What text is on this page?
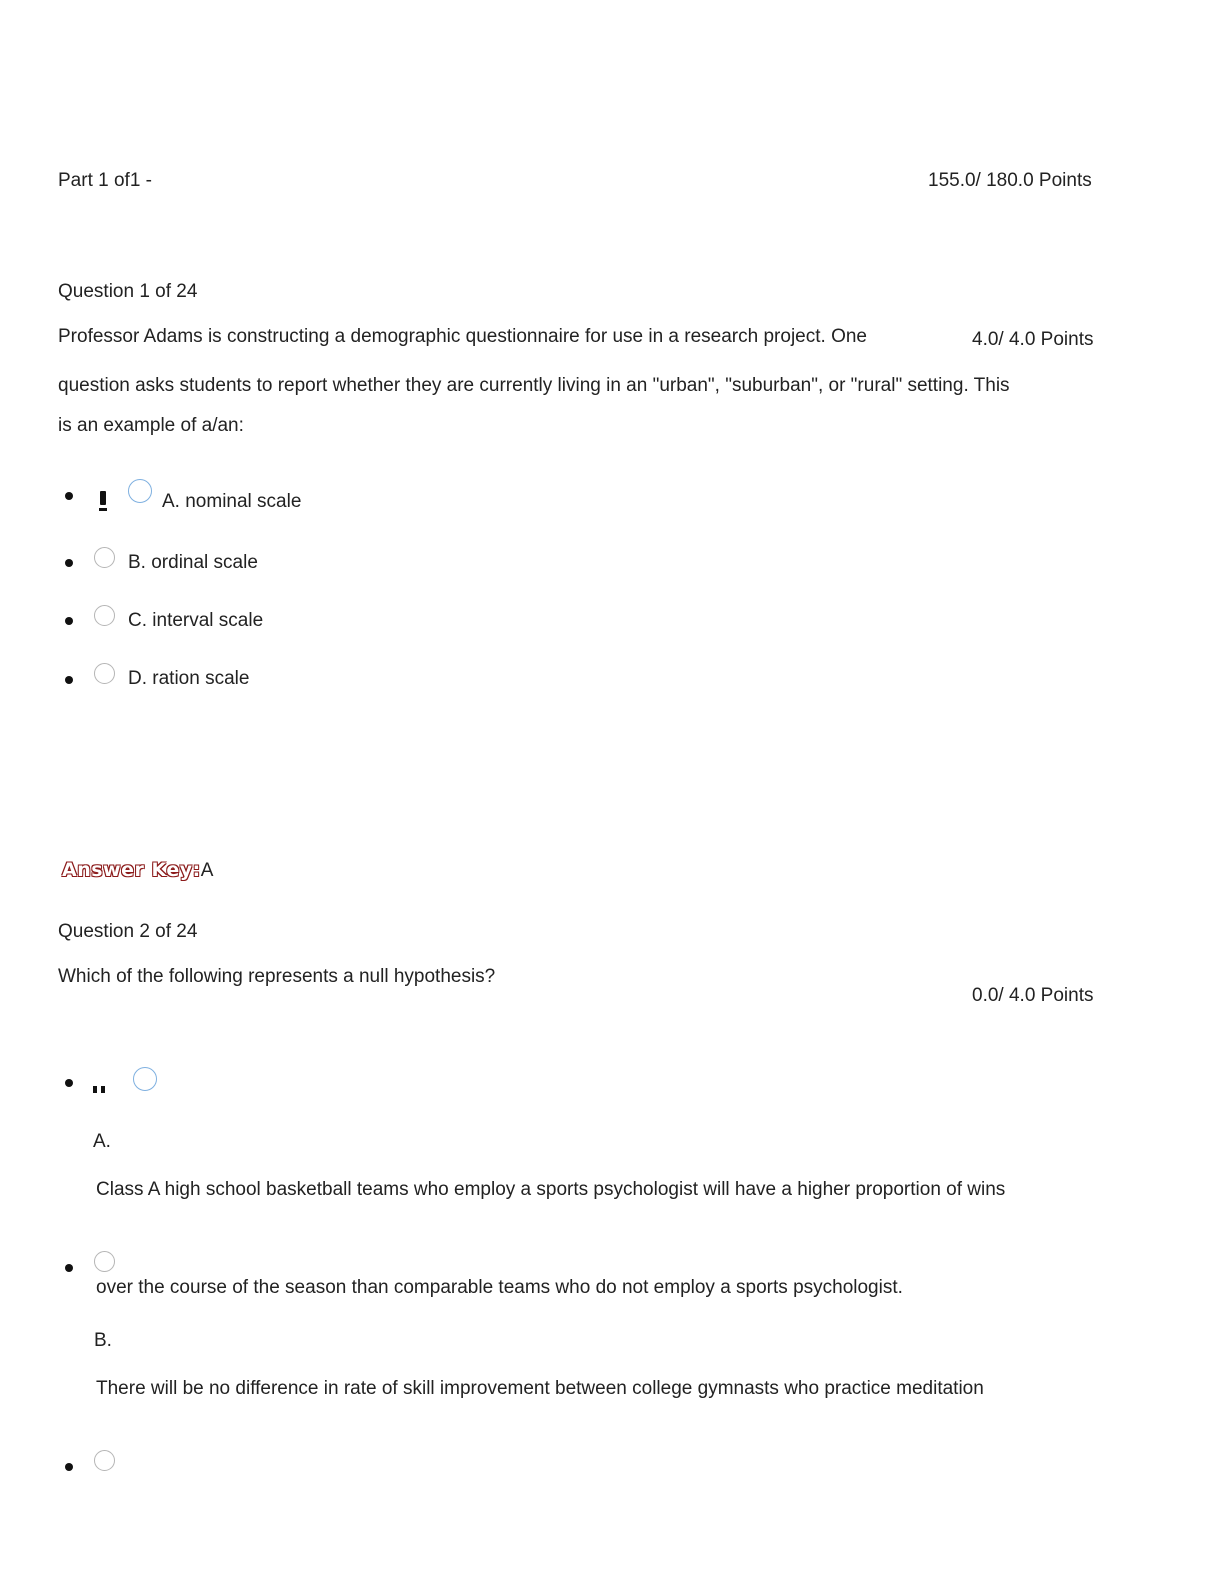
Part 1 of1 -	155.0/ 180.0 Points
Question 1 of 24
Professor Adams is constructing a demographic questionnaire for use in a research project. One	4.0/ 4.0 Points
question asks students to report whether they are currently living in an "urban", "suburban", or "rural" setting. This
is an example of a/an:
A. nominal scale
B. ordinal scale
C. interval scale
D. ration scale
Answer Key:A
Question 2 of 24
Which of the following represents a null hypothesis?
0.0/ 4.0 Points
A.
Class A high school basketball teams who employ a sports psychologist will have a higher proportion of wins
over the course of the season than comparable teams who do not employ a sports psychologist.
B.
There will be no difference in rate of skill improvement between college gymnasts who practice meditation
